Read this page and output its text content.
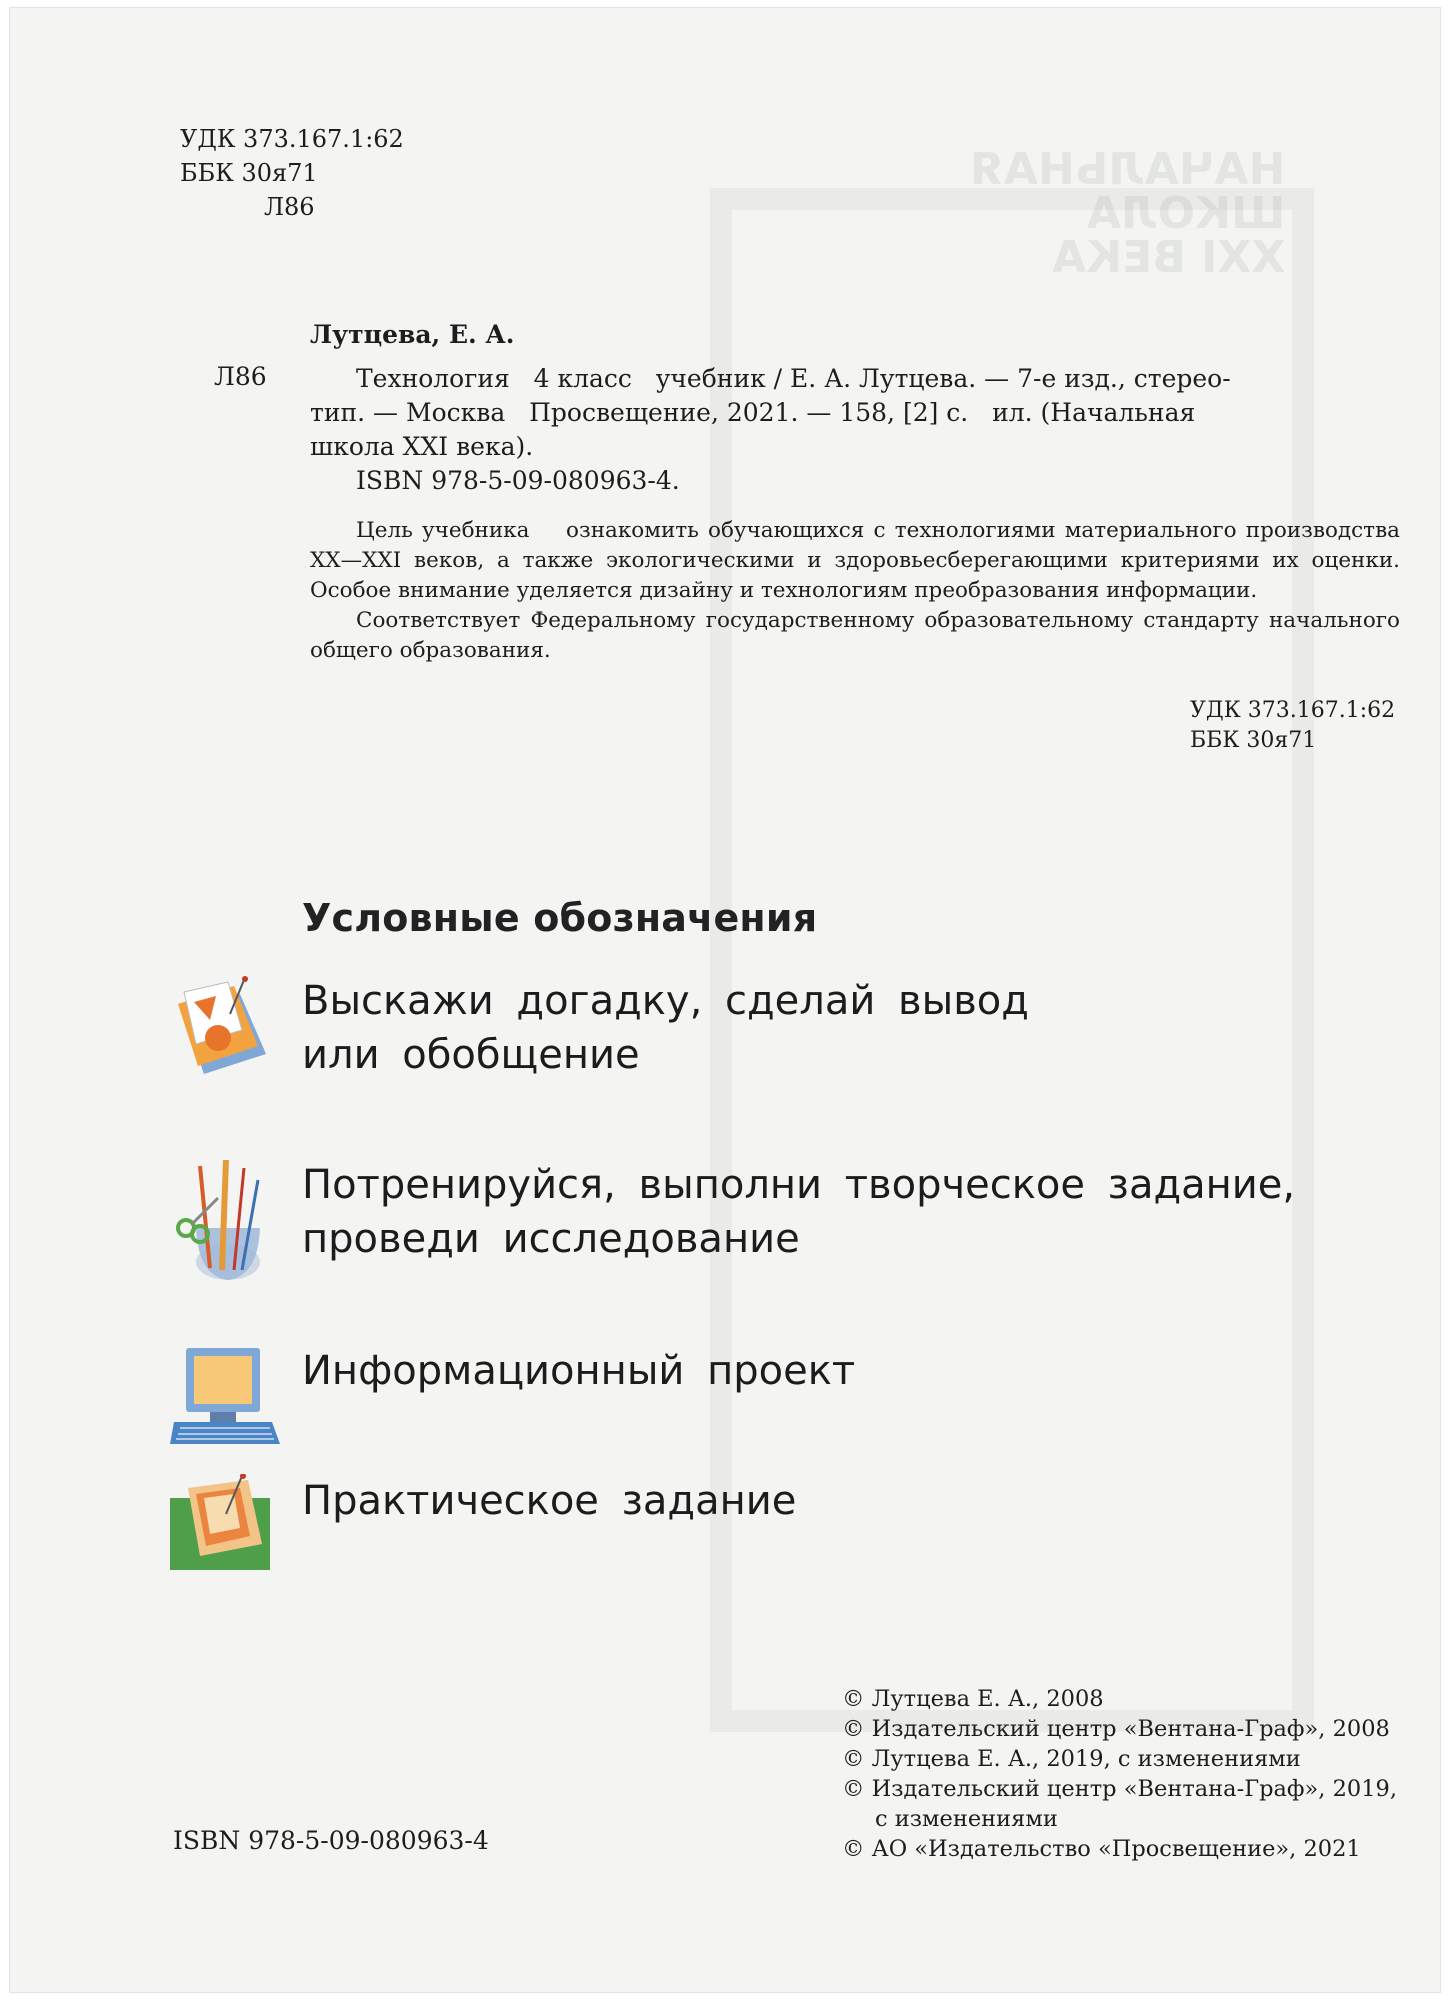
НАЧАЛЬНАЯ
ШКОЛА
XXI ВЕКА
УДК 373.167.1:62
ББК 30я71
Л86
Лутцева, Е. А.
Л86	Технология   4 класс   учебник / Е. А. Лутцева. — 7-е изд., стерео-

тип. — Москва   Просвещение, 2021. — 158, [2] с.   ил. (Начальная

школа XXI века).

ISBN 978-5-09-080963-4.

Цель учебника    ознакомить обучающихся с технологиями материального производства XX—XXI веков, а также экологическими и здоровьесберегающими критериями их оценки. Особое внимание уделяется дизайну и технологиям преобразования информации.

Соответствует Федеральному государственному образовательному стандарту начального общего образования.

УДК 373.167.1:62
ББК 30я71
Условные обозначения
Выскажи догадку, сделай вывод
или обобщение
Потренируйся, выполни творческое задание,
проведи исследование
Информационный проект
Практическое задание
ISBN 978-5-09-080963-4
© Лутцева Е. А., 2008
© Издательский центр «Вентана-Граф», 2008
© Лутцева Е. А., 2019, с изменениями
© Издательский центр «Вентана-Граф», 2019,
с изменениями
© АО «Издательство «Просвещение», 2021
